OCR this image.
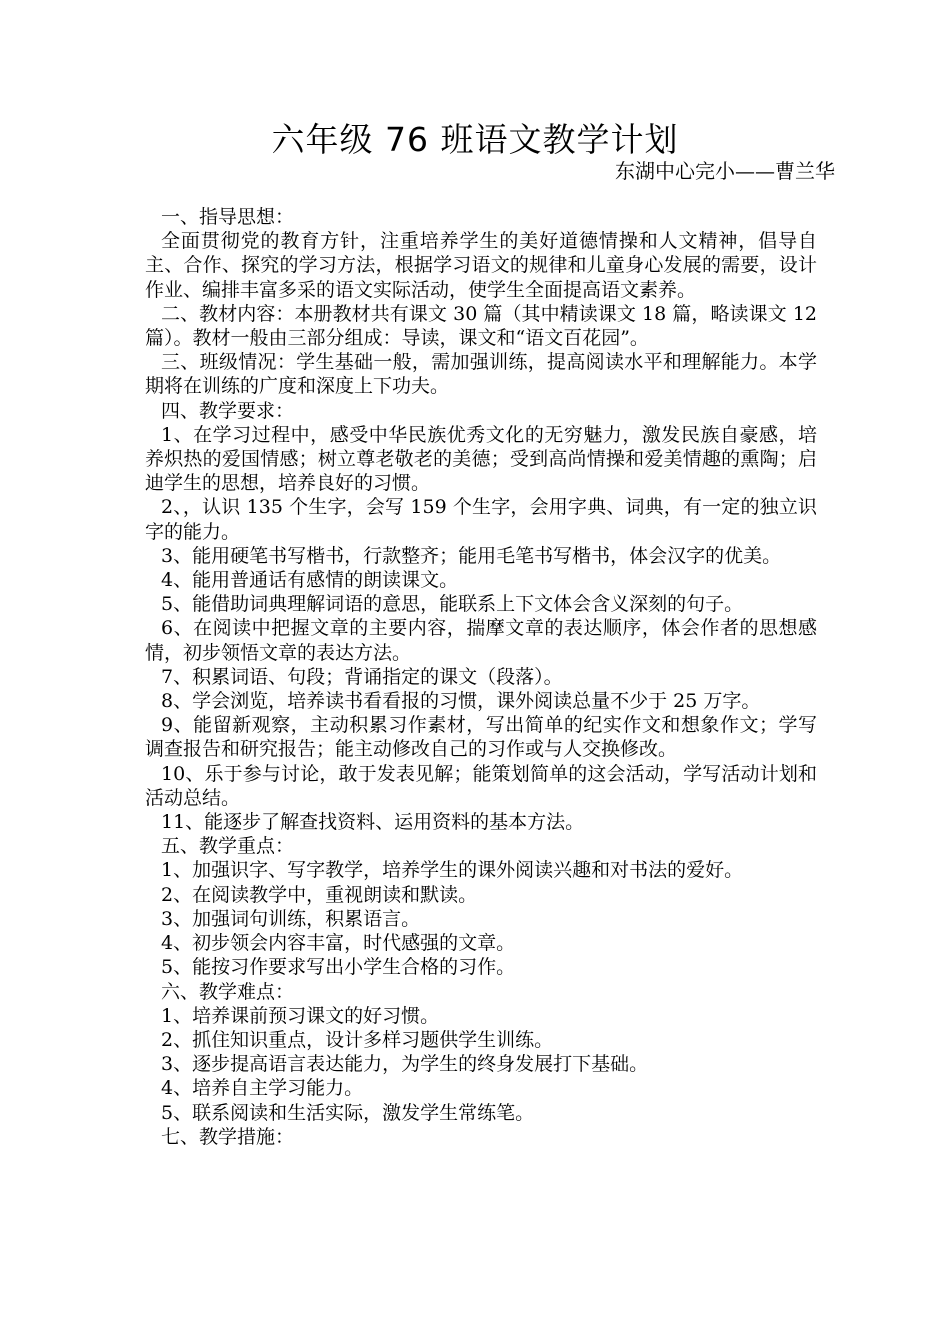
六年级 76 班语文教学计划
东湖中心完小——曹兰华

一、指导思想：

全面贯彻党的教育方针，注重培养学生的美好道德情操和人文精神，倡导自主、合作、探究的学习方法，根据学习语文的规律和儿童身心发展的需要，设计作业、编排丰富多采的语文实际活动，使学生全面提高语文素养。

二、教材内容：本册教材共有课文 30 篇（其中精读课文 18 篇，略读课文 12 篇）。教材一般由三部分组成：导读，课文和“语文百花园”。

三、班级情况：学生基础一般，需加强训练，提高阅读水平和理解能力。本学期将在训练的广度和深度上下功夫。

四、教学要求：

1、在学习过程中，感受中华民族优秀文化的无穷魅力，激发民族自豪感，培养炽热的爱国情感；树立尊老敬老的美德；受到高尚情操和爱美情趣的熏陶；启迪学生的思想，培养良好的习惯。

2、，认识 135 个生字，会写 159 个生字，会用字典、词典，有一定的独立识字的能力。

3、能用硬笔书写楷书，行款整齐；能用毛笔书写楷书，体会汉字的优美。

4、能用普通话有感情的朗读课文。

5、能借助词典理解词语的意思，能联系上下文体会含义深刻的句子。

6、在阅读中把握文章的主要内容，揣摩文章的表达顺序，体会作者的思想感情，初步领悟文章的表达方法。

7、积累词语、句段；背诵指定的课文（段落）。

8、学会浏览，培养读书看看报的习惯，课外阅读总量不少于 25 万字。

9、能留新观察，主动积累习作素材，写出简单的纪实作文和想象作文；学写调查报告和研究报告；能主动修改自己的习作或与人交换修改。

10、乐于参与讨论，敢于发表见解；能策划简单的这会活动，学写活动计划和活动总结。

11、能逐步了解查找资料、运用资料的基本方法。

五、教学重点：

1、加强识字、写字教学，培养学生的课外阅读兴趣和对书法的爱好。

2、在阅读教学中，重视朗读和默读。

3、加强词句训练，积累语言。

4、初步领会内容丰富，时代感强的文章。

5、能按习作要求写出小学生合格的习作。

六、教学难点：

1、培养课前预习课文的好习惯。

2、抓住知识重点，设计多样习题供学生训练。

3、逐步提高语言表达能力，为学生的终身发展打下基础。

4、培养自主学习能力。

5、联系阅读和生活实际，激发学生常练笔。

七、教学措施：
